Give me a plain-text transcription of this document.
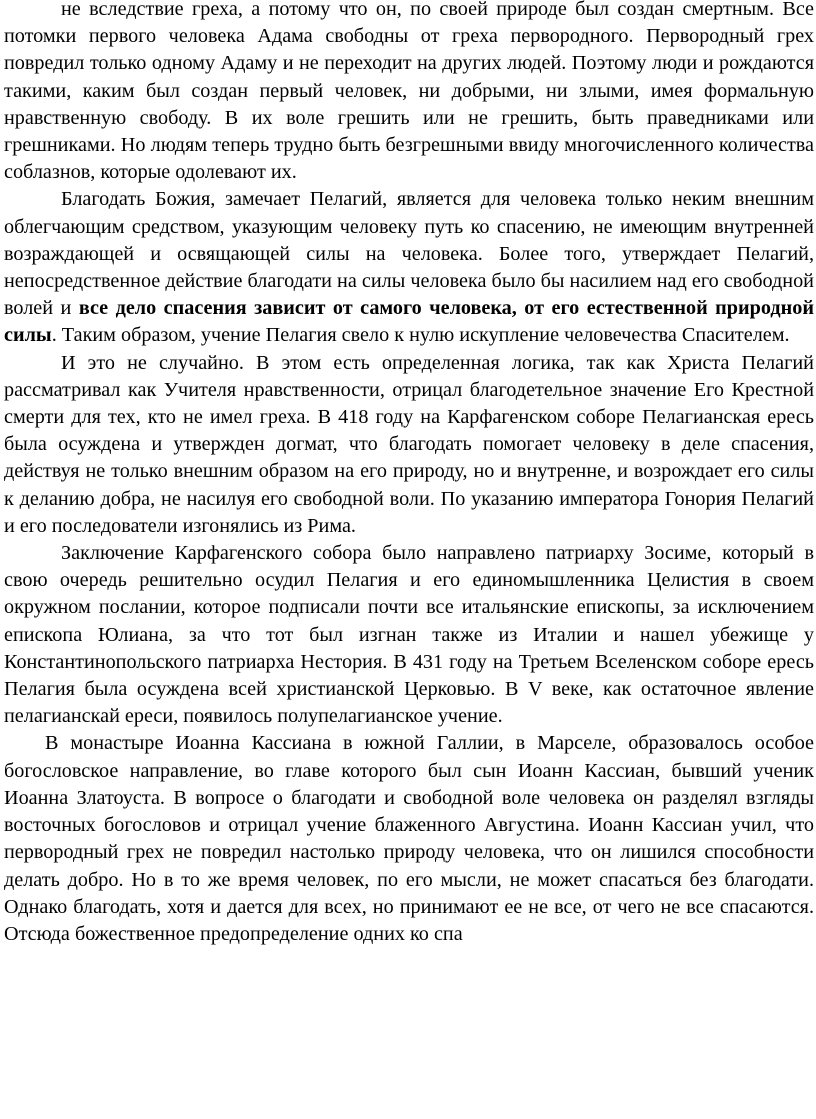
не вследствие греха, а потому что он, по своей природе был создан смертным. Все потомки первого человека Адама свободны от греха первородного. Первородный грех повредил только одному Адаму и не переходит на других людей. Поэтому люди и рождаются такими, каким был создан первый человек, ни добрыми, ни злыми, имея формальную нравственную свободу. В их воле грешить или не грешить, быть праведниками или грешниками. Но людям теперь трудно быть безгрешными ввиду многочисленного количества соблазнов, которые одолевают их.

Благодать Божия, замечает Пелагий, является для человека только неким внешним облегчающим средством, указующим человеку путь ко спасению, не имеющим внутренней возраждающей и освящающей силы на человека. Более того, утверждает Пелагий, непосредственное действие благодати на силы человека было бы насилием над его свободной волей и все дело спасения зависит от самого человека, от его естественной природной силы. Таким образом, учение Пелагия свело к нулю искупление человечества Спасителем.

И это не случайно. В этом есть определенная логика, так как Христа Пелагий рассматривал как Учителя нравственности, отрицал благодетельное значение Его Крестной смерти для тех, кто не имел греха. В 418 году на Карфагенском соборе Пелагианская ересь была осуждена и утвержден догмат, что благодать помогает человеку в деле спасения, действуя не только внешним образом на его природу, но и внутренне, и возрождает его силы к деланию добра, не насилуя его свободной воли. По указанию императора Гонория Пелагий и его последователи изгонялись из Рима.

Заключение Карфагенского собора было направлено патриарху Зосиме, который в свою очередь решительно осудил Пелагия и его единомышленника Целистия в своем окружном послании, которое подписали почти все итальянские епископы, за исключением епископа Юлиана, за что тот был изгнан также из Италии и нашел убежище у Константинопольского патриарха Нестория. В 431 году на Третьем Вселенском соборе ересь Пелагия была осуждена всей христианской Церковью. В V веке, как остаточное явление пелагианскай ереси, появилось полупелагианское учение.

В монастыре Иоанна Кассиана в южной Галлии, в Марселе, образовалось особое богословское направление, во главе которого был сын Иоанн Кассиан, бывший ученик Иоанна Златоуста. В вопросе о благодати и свободной воле человека он разделял взгляды восточных богословов и отрицал учение блаженного Августина. Иоанн Кассиан учил, что первородный грех не повредил настолько природу человека, что он лишился способности делать добро. Но в то же время человек, по его мысли, не может спасаться без благодати. Однако благодать, хотя и дается для всех, но принимают ее не все, от чего не все спасаются. Отсюда божественное предопределение одних ко спа
